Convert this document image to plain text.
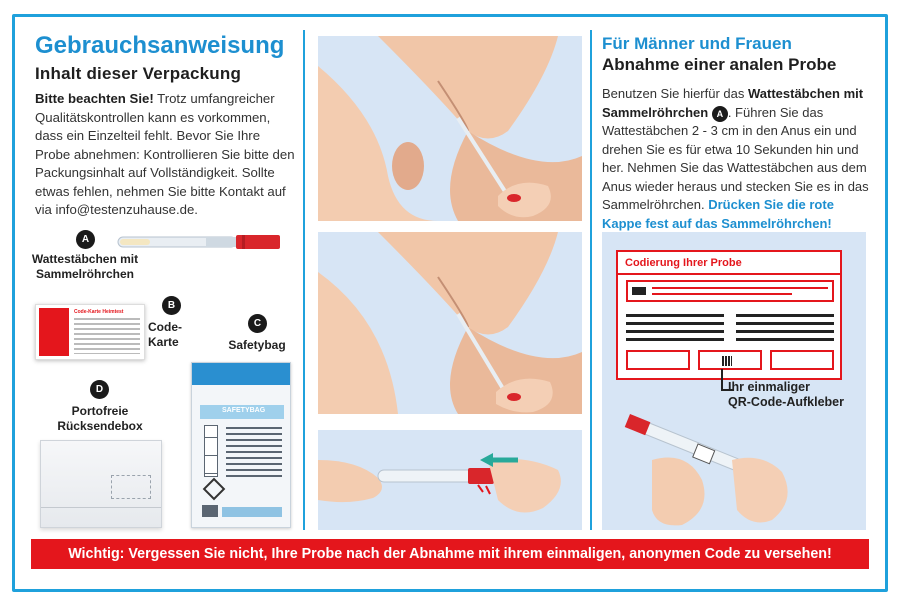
Gebrauchsanweisung
Inhalt dieser Verpackung
Bitte beachten Sie! Trotz umfangreicher Qualitätskontrollen kann es vorkommen, dass ein Einzelteil fehlt. Bevor Sie Ihre Probe abnehmen: Kontrollieren Sie bitte den Packungsinhalt auf Vollständigkeit. Sollte etwas fehlen, nehmen Sie bitte Kontakt auf via info@testenzuhause.de.
A
Wattestäbchen mit
Sammelröhrchen
Code-Karte Heimtest
B
Code-
Karte
C
Safetybag
SAFETYBAG
D
Portofreie
Rücksendebox
Für Männer und Frauen
Abnahme einer analen Probe
Benutzen Sie hierfür das Wattestäbchen mit Sammelröhrchen A . Führen Sie das Wattestäbchen 2 - 3 cm in den Anus ein und drehen Sie es für etwa 10 Sekunden hin und her. Nehmen Sie das Wattestäbchen aus dem Anus wieder heraus und stecken Sie es in das Sammelröhrchen. Drücken Sie die rote Kappe fest auf das Sammelröhrchen!
Codierung Ihrer Probe
Ihr einmaliger
QR-Code-Aufkleber
Wichtig: Vergessen Sie nicht, Ihre Probe nach der Abnahme mit ihrem einmaligen, anonymen Code zu versehen!
